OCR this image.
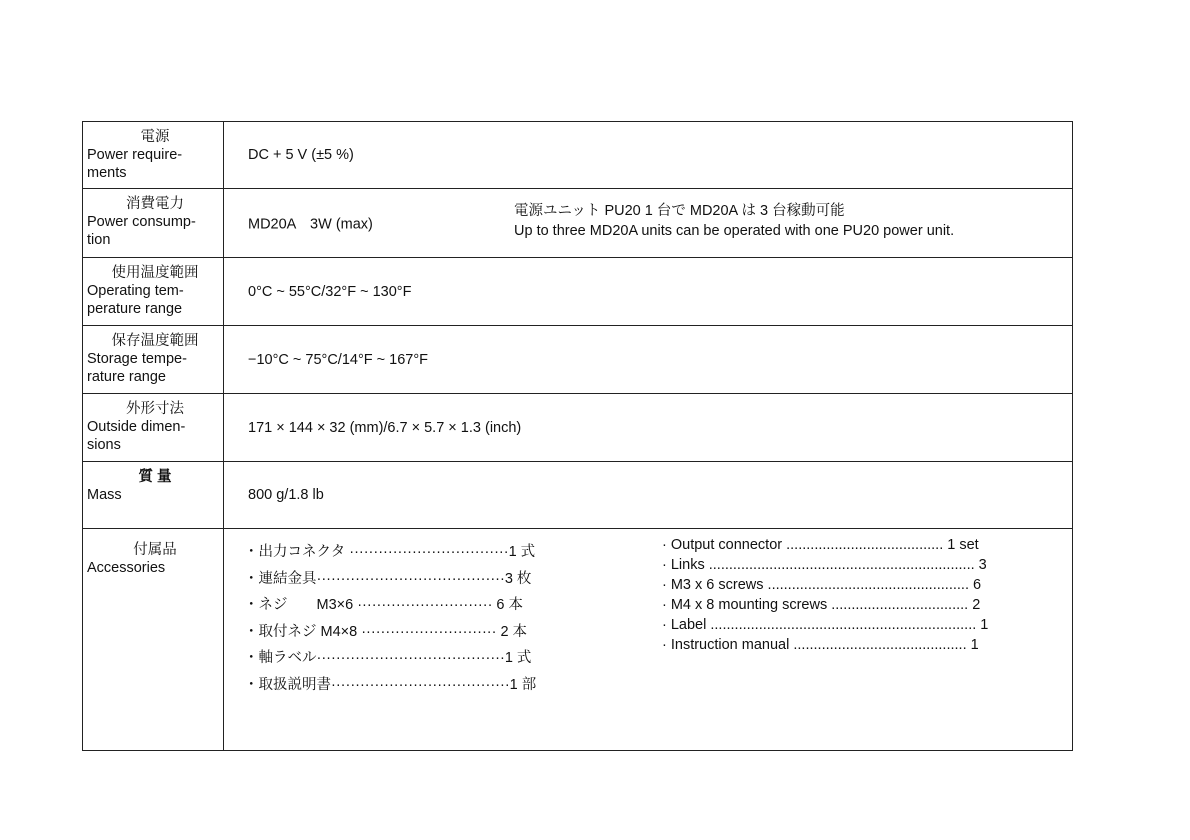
電源
Power require-
ments
DC + 5 V (±5 %)
消費電力
Power consump-
tion
MD20A　3W (max)
電源ユニット PU20 1 台で MD20A は 3 台稼動可能
Up to three MD20A units can be operated with one PU20 power unit.
使用温度範囲
Operating tem-
perature range
0°C ~ 55°C/32°F ~ 130°F
保存温度範囲
Storage tempe-
rature range
−10°C ~ 75°C/14°F ~ 167°F
外形寸法
Outside dimen-
sions
171 × 144 × 32 (mm)/6.7 × 5.7 × 1.3 (inch)
質 量
Mass	800 g/1.8 lb
付属品
Accessories
・出力コネクタ ·································1 式
・連結金具·······································3 枚
・ネジ　　M3×6 ···························· 6 本
・取付ネジ M4×8 ···························· 2 本
・軸ラベル·······································1 式
・取扱説明書·····································1 部
· Output connector ....................................... 1 set
· Links .................................................................. 3
· M3 x 6 screws .................................................. 6
· M4 x 8 mounting screws .................................. 2
· Label .................................................................. 1
· Instruction manual ........................................... 1
